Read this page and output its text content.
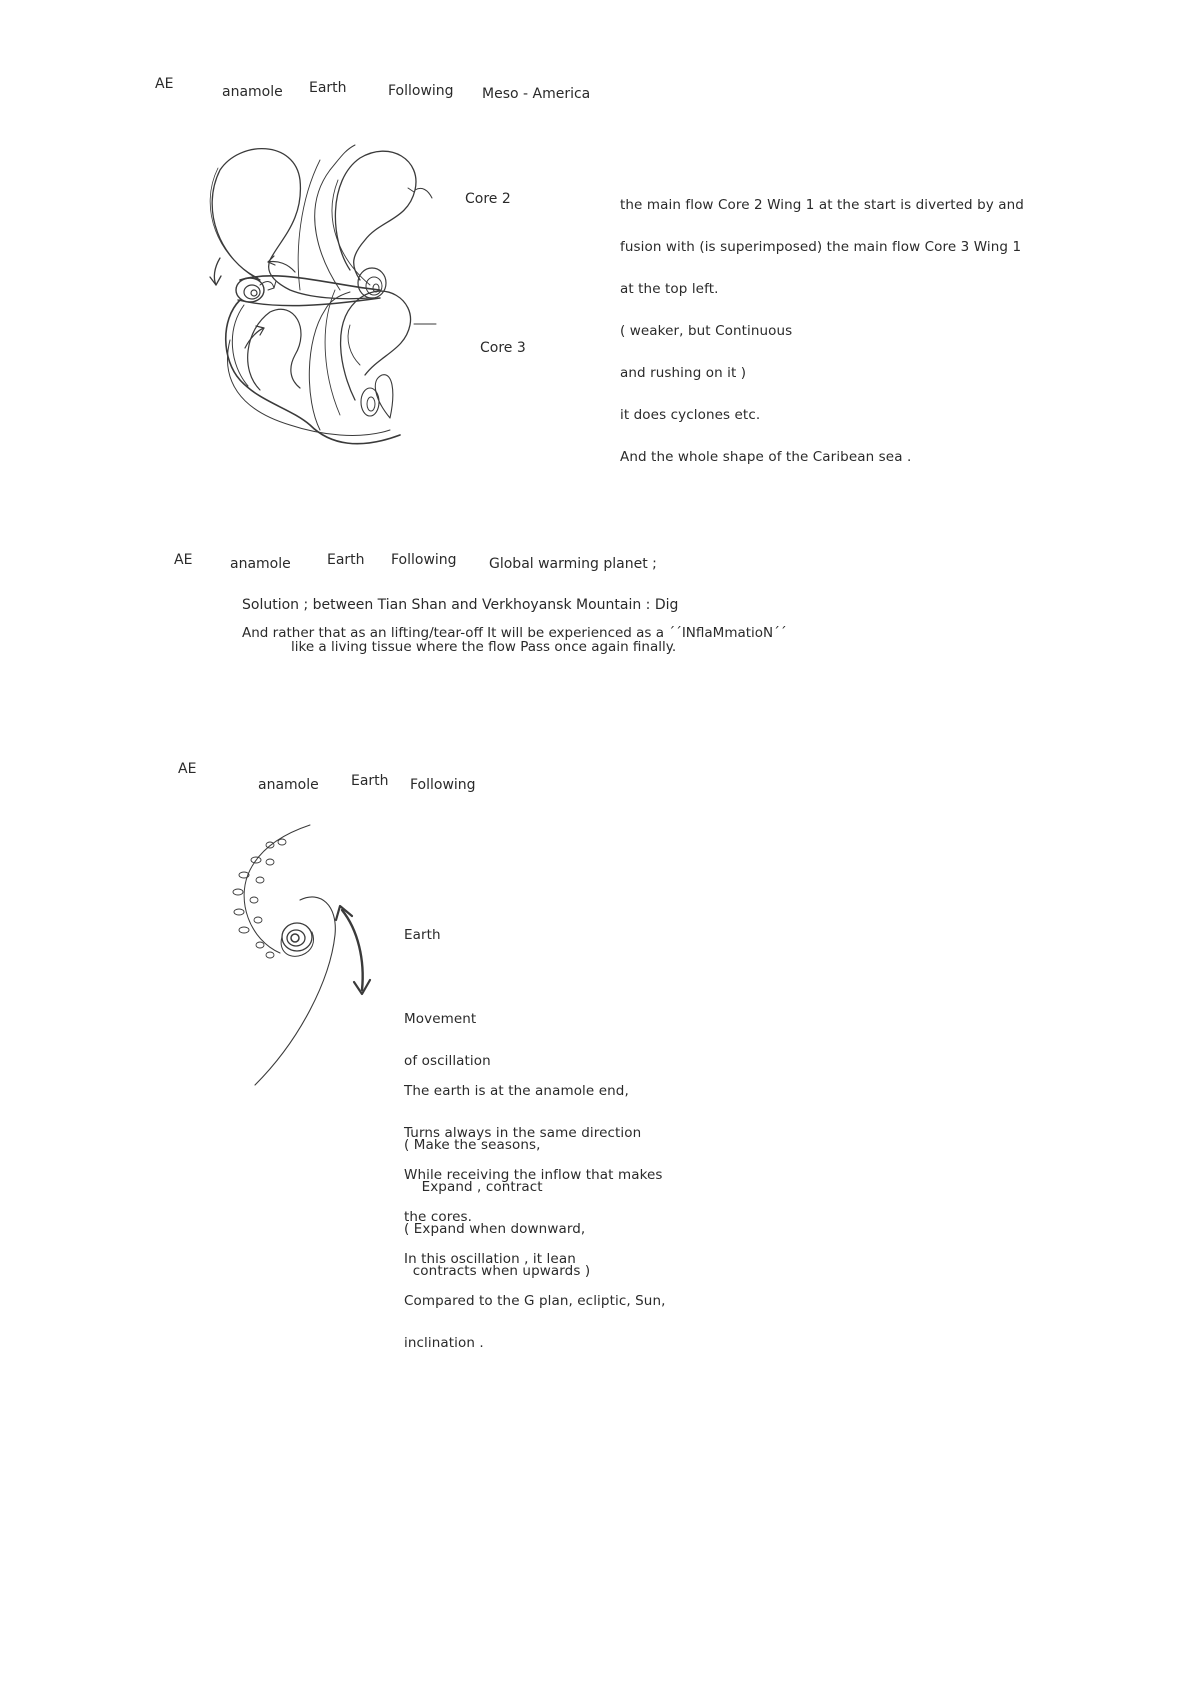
AE	anamole Earth	Following Meso - America
Core 2
Core 3

the main flow Core 2 Wing 1 at the start is diverted by and

fusion with (is superimposed) the main flow Core 3 Wing 1

at the top left.

( weaker, but Continuous

and rushing on it )

it does cyclones etc.

And the whole shape of the Caribean sea .

AE	anamole	Earth Following Global warming planet ;
Solution ; between Tian Shan and Verkhoyansk Mountain : Dig
And rather that as an lifting/tear-off It will be experienced as a ´´INflaMmatioN´´
like a living tissue where the flow Pass once again finally.
AE
anamole Earth Following

Earth

Movement

of oscillation

( Make the seasons,

Expand , contract

( Expand when downward,

contracts when upwards )

The earth is at the anamole end,

Turns always in the same direction

While receiving the inflow that makes

the cores.

In this oscillation , it lean

Compared to the G plan, ecliptic, Sun,

inclination .
